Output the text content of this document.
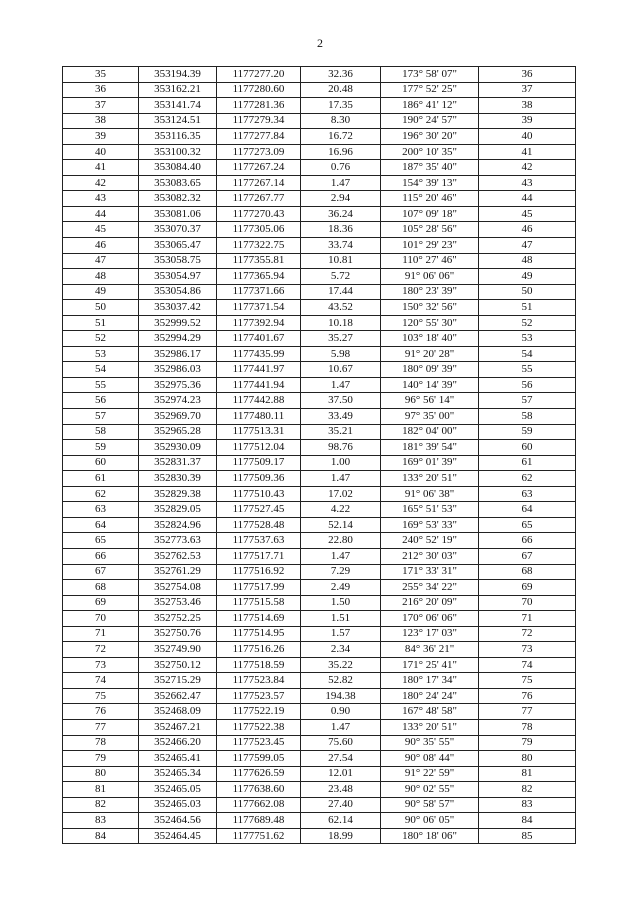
2
35	353194.39	1177277.20	32.36	173° 58' 07"	36
36	353162.21	1177280.60	20.48	177° 52' 25"	37
37	353141.74	1177281.36	17.35	186° 41' 12"	38
38	353124.51	1177279.34	8.30	190° 24' 57"	39
39	353116.35	1177277.84	16.72	196° 30' 20"	40
40	353100.32	1177273.09	16.96	200° 10' 35"	41
41	353084.40	1177267.24	0.76	187° 35' 40"	42
42	353083.65	1177267.14	1.47	154° 39' 13"	43
43	353082.32	1177267.77	2.94	115° 20' 46"	44
44	353081.06	1177270.43	36.24	107° 09' 18"	45
45	353070.37	1177305.06	18.36	105° 28' 56"	46
46	353065.47	1177322.75	33.74	101° 29' 23"	47
47	353058.75	1177355.81	10.81	110° 27' 46"	48
48	353054.97	1177365.94	5.72	91° 06' 06"	49
49	353054.86	1177371.66	17.44	180° 23' 39"	50
50	353037.42	1177371.54	43.52	150° 32' 56"	51
51	352999.52	1177392.94	10.18	120° 55' 30"	52
52	352994.29	1177401.67	35.27	103° 18' 40"	53
53	352986.17	1177435.99	5.98	91° 20' 28"	54
54	352986.03	1177441.97	10.67	180° 09' 39"	55
55	352975.36	1177441.94	1.47	140° 14' 39"	56
56	352974.23	1177442.88	37.50	96° 56' 14"	57
57	352969.70	1177480.11	33.49	97° 35' 00"	58
58	352965.28	1177513.31	35.21	182° 04' 00"	59
59	352930.09	1177512.04	98.76	181° 39' 54"	60
60	352831.37	1177509.17	1.00	169° 01' 39"	61
61	352830.39	1177509.36	1.47	133° 20' 51"	62
62	352829.38	1177510.43	17.02	91° 06' 38"	63
63	352829.05	1177527.45	4.22	165° 51' 53"	64
64	352824.96	1177528.48	52.14	169° 53' 33"	65
65	352773.63	1177537.63	22.80	240° 52' 19"	66
66	352762.53	1177517.71	1.47	212° 30' 03"	67
67	352761.29	1177516.92	7.29	171° 33' 31"	68
68	352754.08	1177517.99	2.49	255° 34' 22"	69
69	352753.46	1177515.58	1.50	216° 20' 09"	70
70	352752.25	1177514.69	1.51	170° 06' 06"	71
71	352750.76	1177514.95	1.57	123° 17' 03"	72
72	352749.90	1177516.26	2.34	84° 36' 21"	73
73	352750.12	1177518.59	35.22	171° 25' 41"	74
74	352715.29	1177523.84	52.82	180° 17' 34"	75
75	352662.47	1177523.57	194.38	180° 24' 24"	76
76	352468.09	1177522.19	0.90	167° 48' 58"	77
77	352467.21	1177522.38	1.47	133° 20' 51"	78
78	352466.20	1177523.45	75.60	90° 35' 55"	79
79	352465.41	1177599.05	27.54	90° 08' 44"	80
80	352465.34	1177626.59	12.01	91° 22' 59"	81
81	352465.05	1177638.60	23.48	90° 02' 55"	82
82	352465.03	1177662.08	27.40	90° 58' 57"	83
83	352464.56	1177689.48	62.14	90° 06' 05"	84
84	352464.45	1177751.62	18.99	180° 18' 06"	85
